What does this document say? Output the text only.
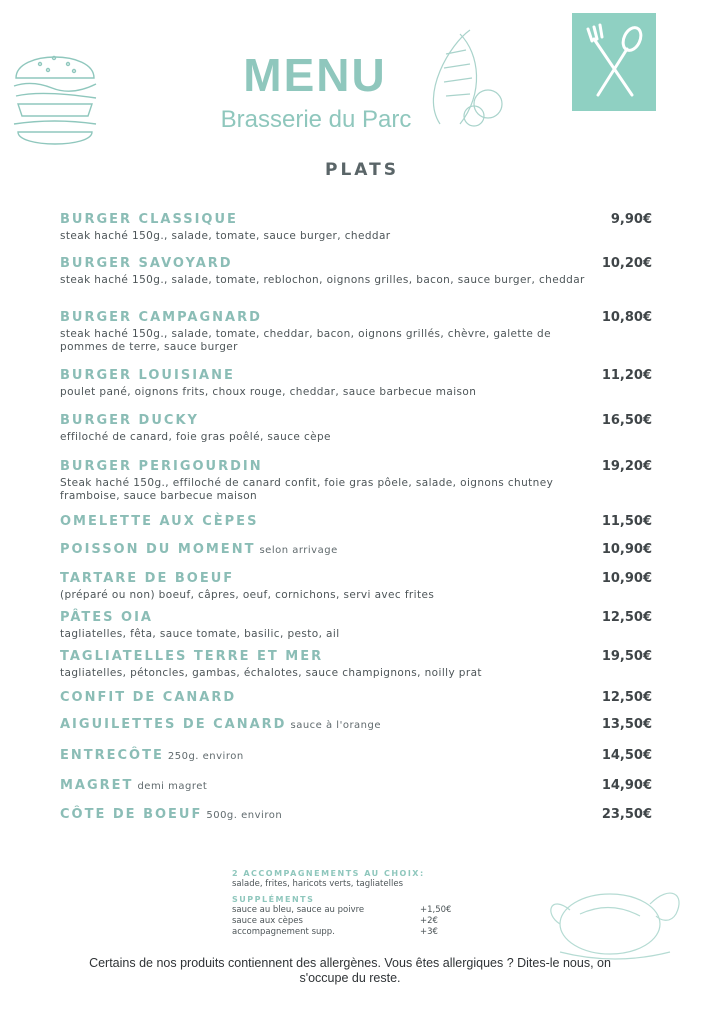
MENU
Brasserie du Parc
PLATS
BURGER CLASSIQUE
steak haché 150g., salade, tomate, sauce burger, cheddar
9,90€
BURGER SAVOYARD
steak haché 150g., salade, tomate, reblochon, oignons grilles, bacon, sauce burger, cheddar
10,20€
BURGER CAMPAGNARD
steak haché 150g., salade, tomate, cheddar, bacon, oignons grillés, chèvre, galette de pommes de terre, sauce burger
10,80€
BURGER LOUISIANE
poulet pané, oignons frits, choux rouge, cheddar, sauce barbecue maison
11,20€
BURGER DUCKY
effiloché de canard, foie gras poêlé, sauce cèpe
16,50€
BURGER PERIGOURDIN
Steak haché 150g., effiloché de canard confit, foie gras pôele, salade, oignons chutney framboise, sauce barbecue maison
19,20€
OMELETTE AUX CÈPES	11,50€
POISSON DU MOMENT selon arrivage	10,90€
TARTARE DE BOEUF
(préparé ou non) boeuf, câpres, oeuf, cornichons, servi avec frites
10,90€
PÂTES OIA
tagliatelles, fêta, sauce tomate, basilic, pesto, ail
12,50€
TAGLIATELLES TERRE ET MER
tagliatelles, pétoncles, gambas, échalotes, sauce champignons, noilly prat
19,50€
CONFIT DE CANARD	12,50€
AIGUILETTES DE CANARD sauce à l'orange	13,50€
ENTRECÔTE 250g. environ	14,50€
MAGRET demi magret	14,90€
CÔTE DE BOEUF 500g. environ	23,50€
2 ACCOMPAGNEMENTS AU CHOIX:
salade, frites, haricots verts, tagliatelles
SUPPLÉMENTS
sauce au bleu, sauce au poivre	+1,50€
sauce aux cèpes	+2€
accompagnement supp.	+3€
Certains de nos produits contiennent des allergènes. Vous êtes allergiques ? Dites-le nous, on
s'occupe du reste.
